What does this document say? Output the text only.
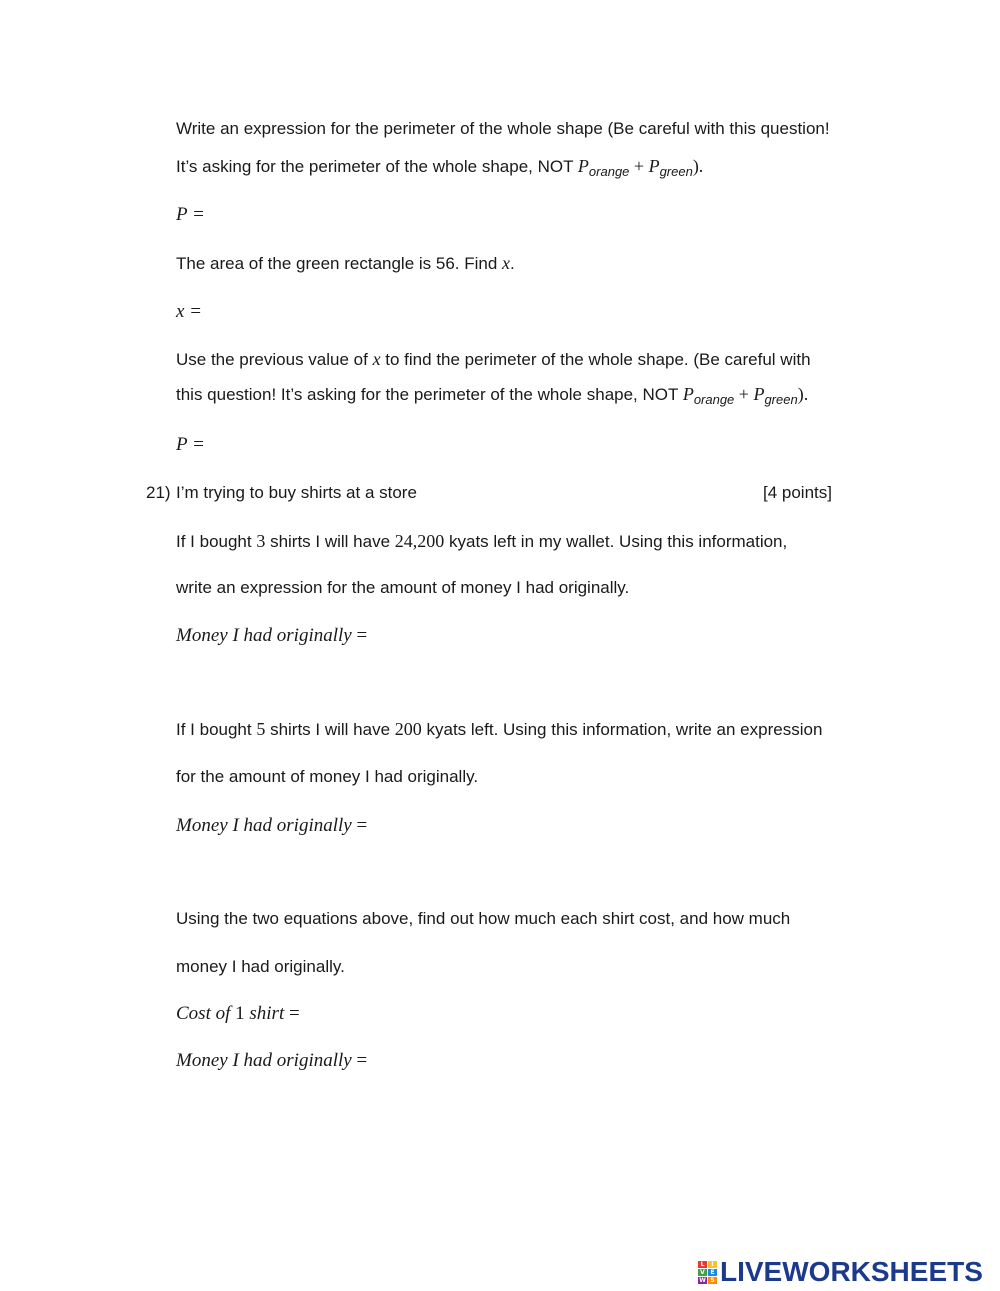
Write an expression for the perimeter of the whole shape (Be careful with this question!
It’s asking for the perimeter of the whole shape, NOT $P_{orange} + P_{green}$).
P =
The area of the green rectangle is 56. Find x.
x =
Use the previous value of x to find the perimeter of the whole shape. (Be careful with
this question! It’s asking for the perimeter of the whole shape, NOT $P_{orange} + P_{green}$).
P =
21) I’m trying to buy shirts at a store	[4 points]
If I bought 3 shirts I will have 24,200 kyats left in my wallet. Using this information,
write an expression for the amount of money I had originally.
Money I had originally =
If I bought 5 shirts I will have 200 kyats left. Using this information, write an expression
for the amount of money I had originally.
Money I had originally =
Using the two equations above, find out how much each shirt cost, and how much
money I had originally.
Cost of 1 shirt =
Money I had originally =
L	I
V E
W S LIVEWORKSHEETS
